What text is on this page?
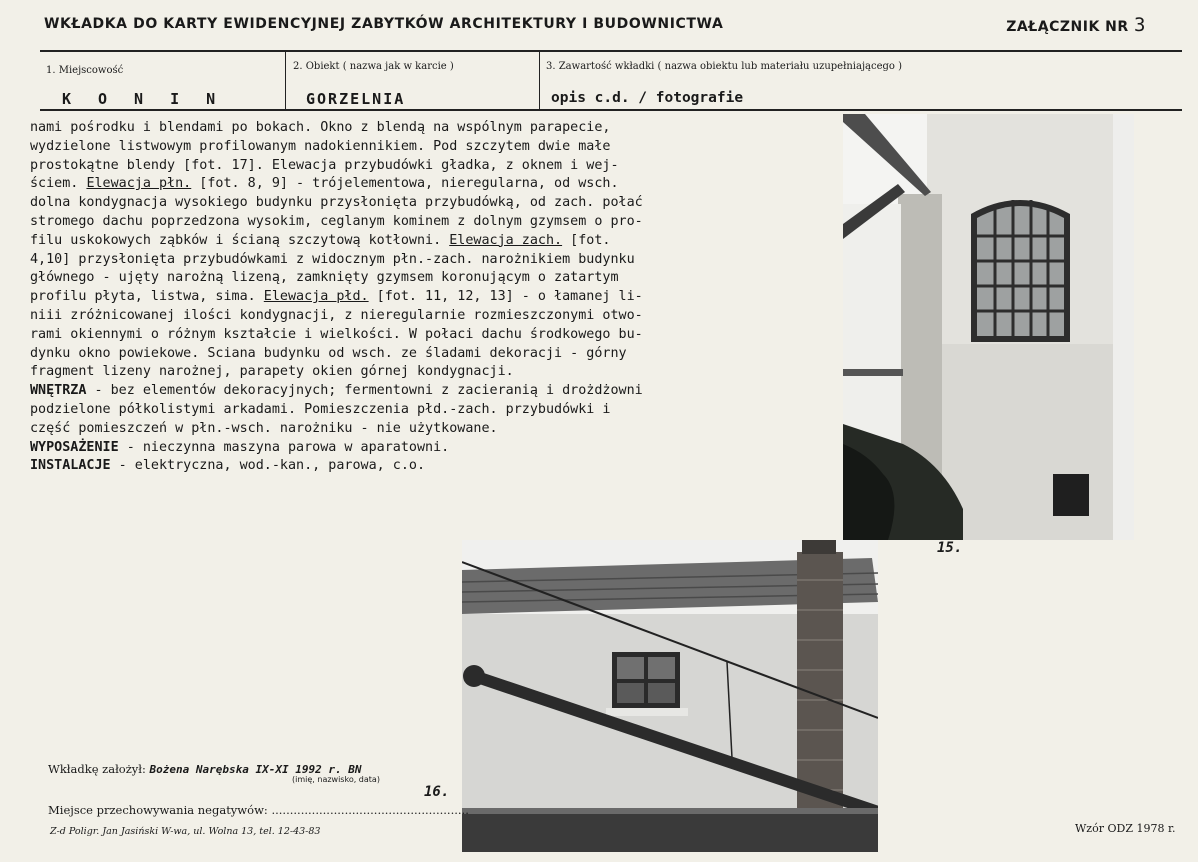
WKŁADKA DO KARTY EWIDENCYJNEJ ZABYTKÓW ARCHITEKTURY I BUDOWNICTWA	ZAŁĄCZNIK NR 3
1. Miejscowość
KONIN
2. Obiekt ( nazwa jak w karcie )
GORZELNIA
3. Zawartość wkładki ( nazwa obiektu lub materiału uzupełniającego )
opis c.d. / fotografie
nami pośrodku i blendami po bokach. Okno z blendą na wspólnym parapecie,
wydzielone listwowym profilowanym nadokiennikiem. Pod szczytem dwie małe
prostokątne blendy [fot. 17]. Elewacja przybudówki gładka, z oknem i wej-
ściem. Elewacja płn. [fot. 8, 9] - trójelementowa, nieregularna, od wsch.
dolna kondygnacja wysokiego budynku przysłonięta przybudówką, od zach. połać
stromego dachu poprzedzona wysokim, ceglanym kominem z dolnym gzymsem o pro-
filu uskokowych ząbków i ścianą szczytową kotłowni. Elewacja zach. [fot.
4,10] przysłonięta przybudówkami z widocznym płn.-zach. narożnikiem budynku
głównego - ujęty narożną lizeną, zamknięty gzymsem koronującym o zatartym
profilu płyta, listwa, sima. Elewacja płd. [fot. 11, 12, 13] - o łamanej li-
niii zróżnicowanej ilości kondygnacji, z nieregularnie rozmieszczonymi otwo-
rami okiennymi o różnym kształcie i wielkości. W połaci dachu środkowego bu-
dynku okno powiekowe. Sciana budynku od wsch. ze śladami dekoracji - górny
fragment lizeny narożnej, parapety okien górnej kondygnacji.
WNĘTRZA - bez elementów dekoracyjnych; fermentowni z zacieranią i drożdżowni
podzielone półkolistymi arkadami. Pomieszczenia płd.-zach. przybudówki i
część pomieszczeń w płn.-wsch. narożniku - nie użytkowane.
WYPOSAŻENIE - nieczynna maszyna parowa w aparatowni.
INSTALACJE - elektryczna, wod.-kan., parowa, c.o.
15.
16.
Wkładkę założył: Bożena Narębska IX-XI 1992 r. BN
(imię, nazwisko, data)
Miejsce przechowywania negatywów: ......................................................
Z-d Poligr. Jan Jasiński W-wa, ul. Wolna 13, tel. 12-43-83	Wzór ODZ 1978 r.
